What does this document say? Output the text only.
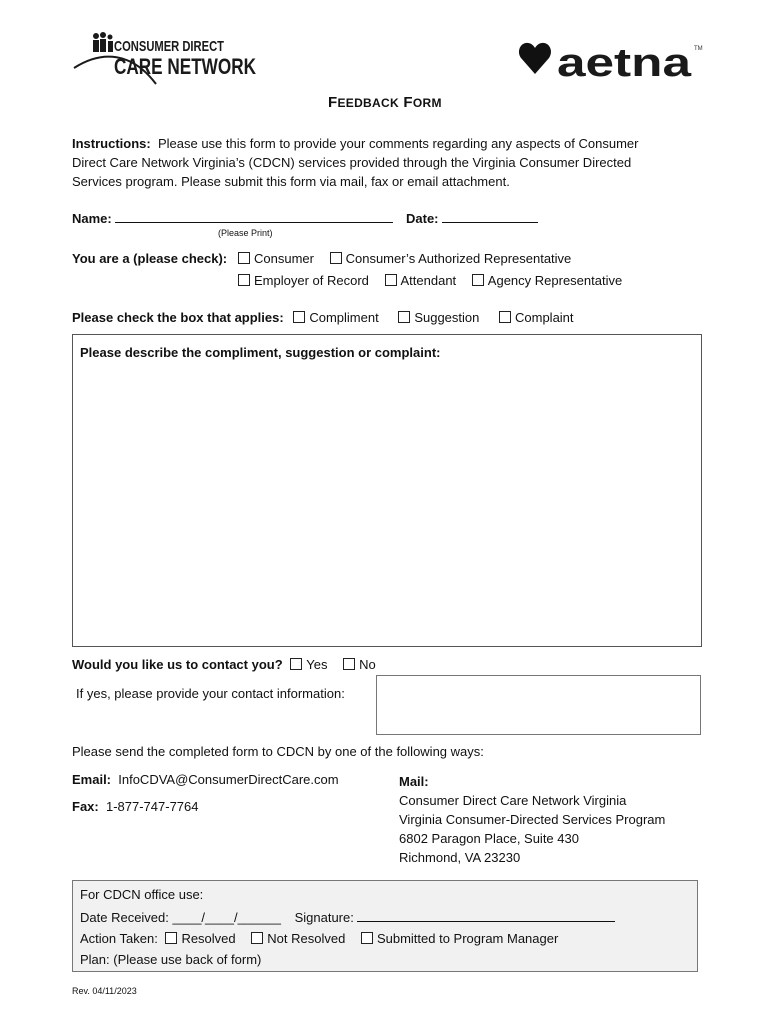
CONSUMER DIRECT
CARE NETWORK	aetna TM
FEEDBACK FORM
Instructions: Please use this form to provide your comments regarding any aspects of Consumer
Direct Care Network Virginia’s (CDCN) services provided through the Virginia Consumer Directed
Services program. Please submit this form via mail, fax or email attachment.
Name:
(Please Print)
Date:
You are a (please check):	Consumer Consumer’s Authorized Representative
Employer of Record Attendant Agency Representative
Please check the box that applies: Compliment	Suggestion	Complaint
Please describe the compliment, suggestion or complaint:
Would you like us to contact you? Yes No
If yes, please provide your contact information:
Please send the completed form to CDCN by one of the following ways:
Email: InfoCDVA@ConsumerDirectCare.com
Fax: 1-877-747-7764
Mail:
Consumer Direct Care Network Virginia
Virginia Consumer-Directed Services Program
6802 Paragon Place, Suite 430
Richmond, VA 23230
For CDCN office use:
Date Received: ____/____/______ Signature:
Action Taken: Resolved Not Resolved Submitted to Program Manager
Plan: (Please use back of form)
Rev. 04/11/2023
